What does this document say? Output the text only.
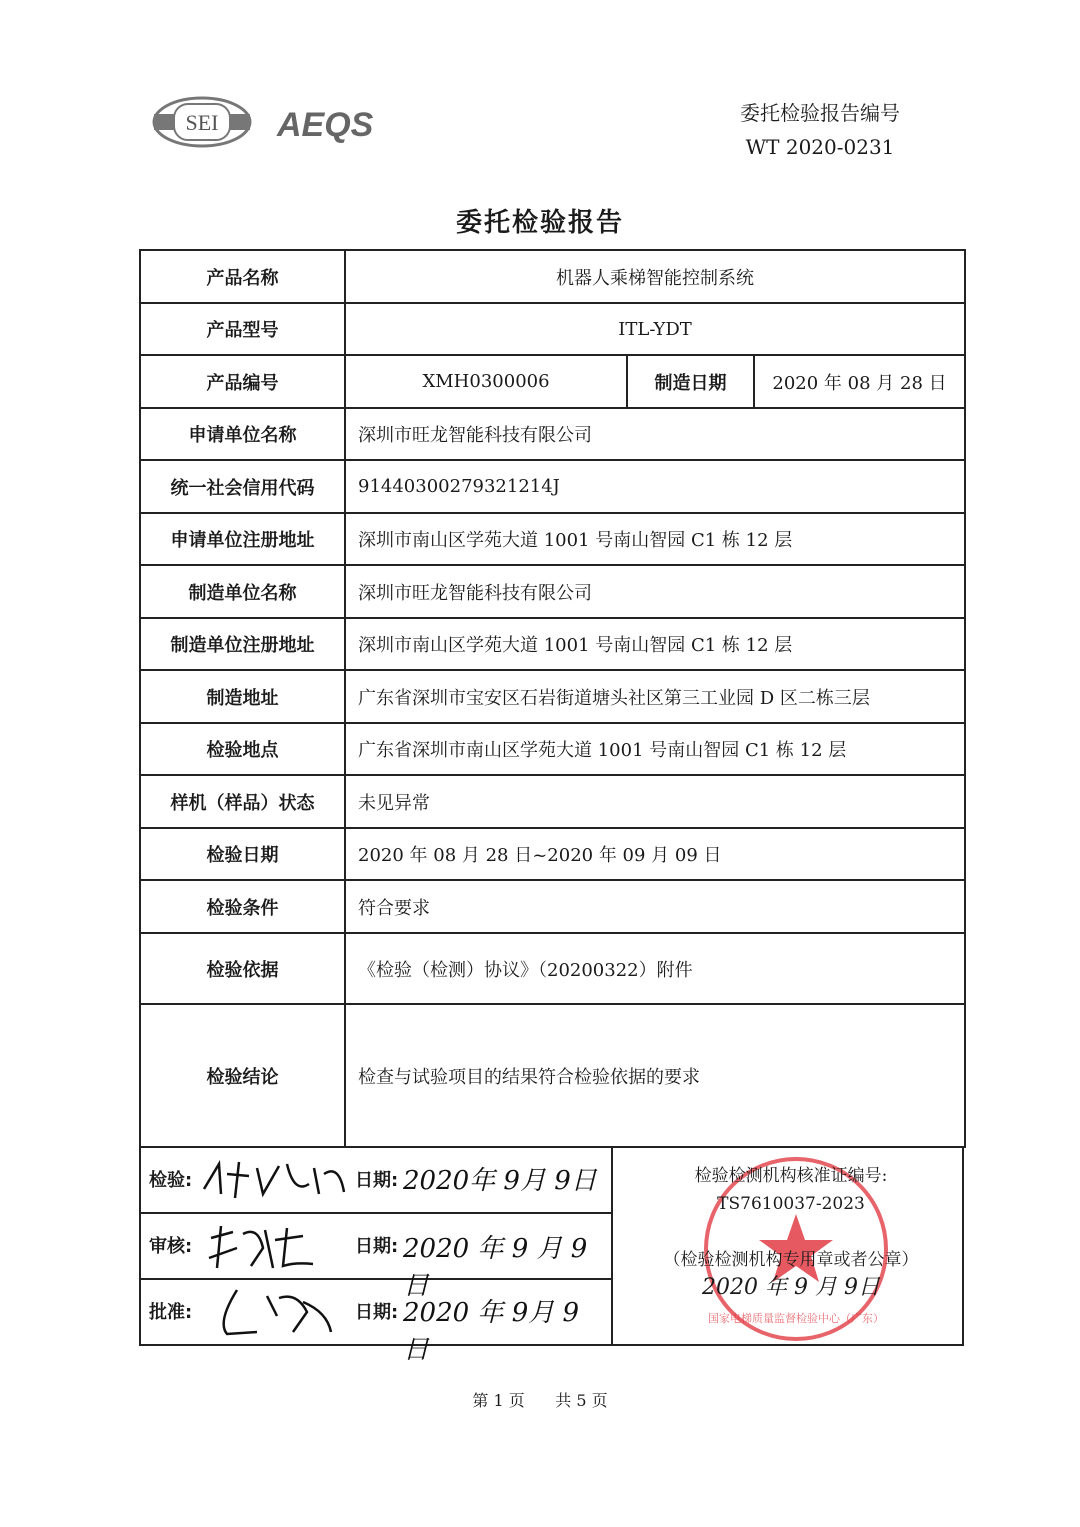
SEI AEQS	委托检验报告编号
WT 2020-0231
委托检验报告
产品名称	机器人乘梯智能控制系统		
产品型号	ITL-YDT		
产品编号	XMH0300006	制造日期	2020 年 08 月 28 日
申请单位名称	深圳市旺龙智能科技有限公司		
统一社会信用代码	91440300279321214J		
申请单位注册地址	深圳市南山区学苑大道 1001 号南山智园 C1 栋 12 层		
制造单位名称	深圳市旺龙智能科技有限公司		
制造单位注册地址	深圳市南山区学苑大道 1001 号南山智园 C1 栋 12 层		
制造地址	广东省深圳市宝安区石岩街道塘头社区第三工业园 D 区二栋三层		
检验地点	广东省深圳市南山区学苑大道 1001 号南山智园 C1 栋 12 层		
样机（样品）状态	未见异常		
检验日期	2020 年 08 月 28 日~2020 年 09 月 09 日		
检验条件	符合要求		
检验依据	《检验（检测）协议》（20200322）附件		
检验结论	检查与试验项目的结果符合检验依据的要求		
检验:	日期: 2020年 9月 9日
审核:	日期: 2020 年 9 月 9日
批准:	日期: 2020 年 9月 9 日
国家电梯质量监督检验中心（广东）
检验检测机构核准证编号:
TS7610037-2023
（检验检测机构专用章或者公章）
2020 年 9 月 9日
第 1 页 共 5 页
